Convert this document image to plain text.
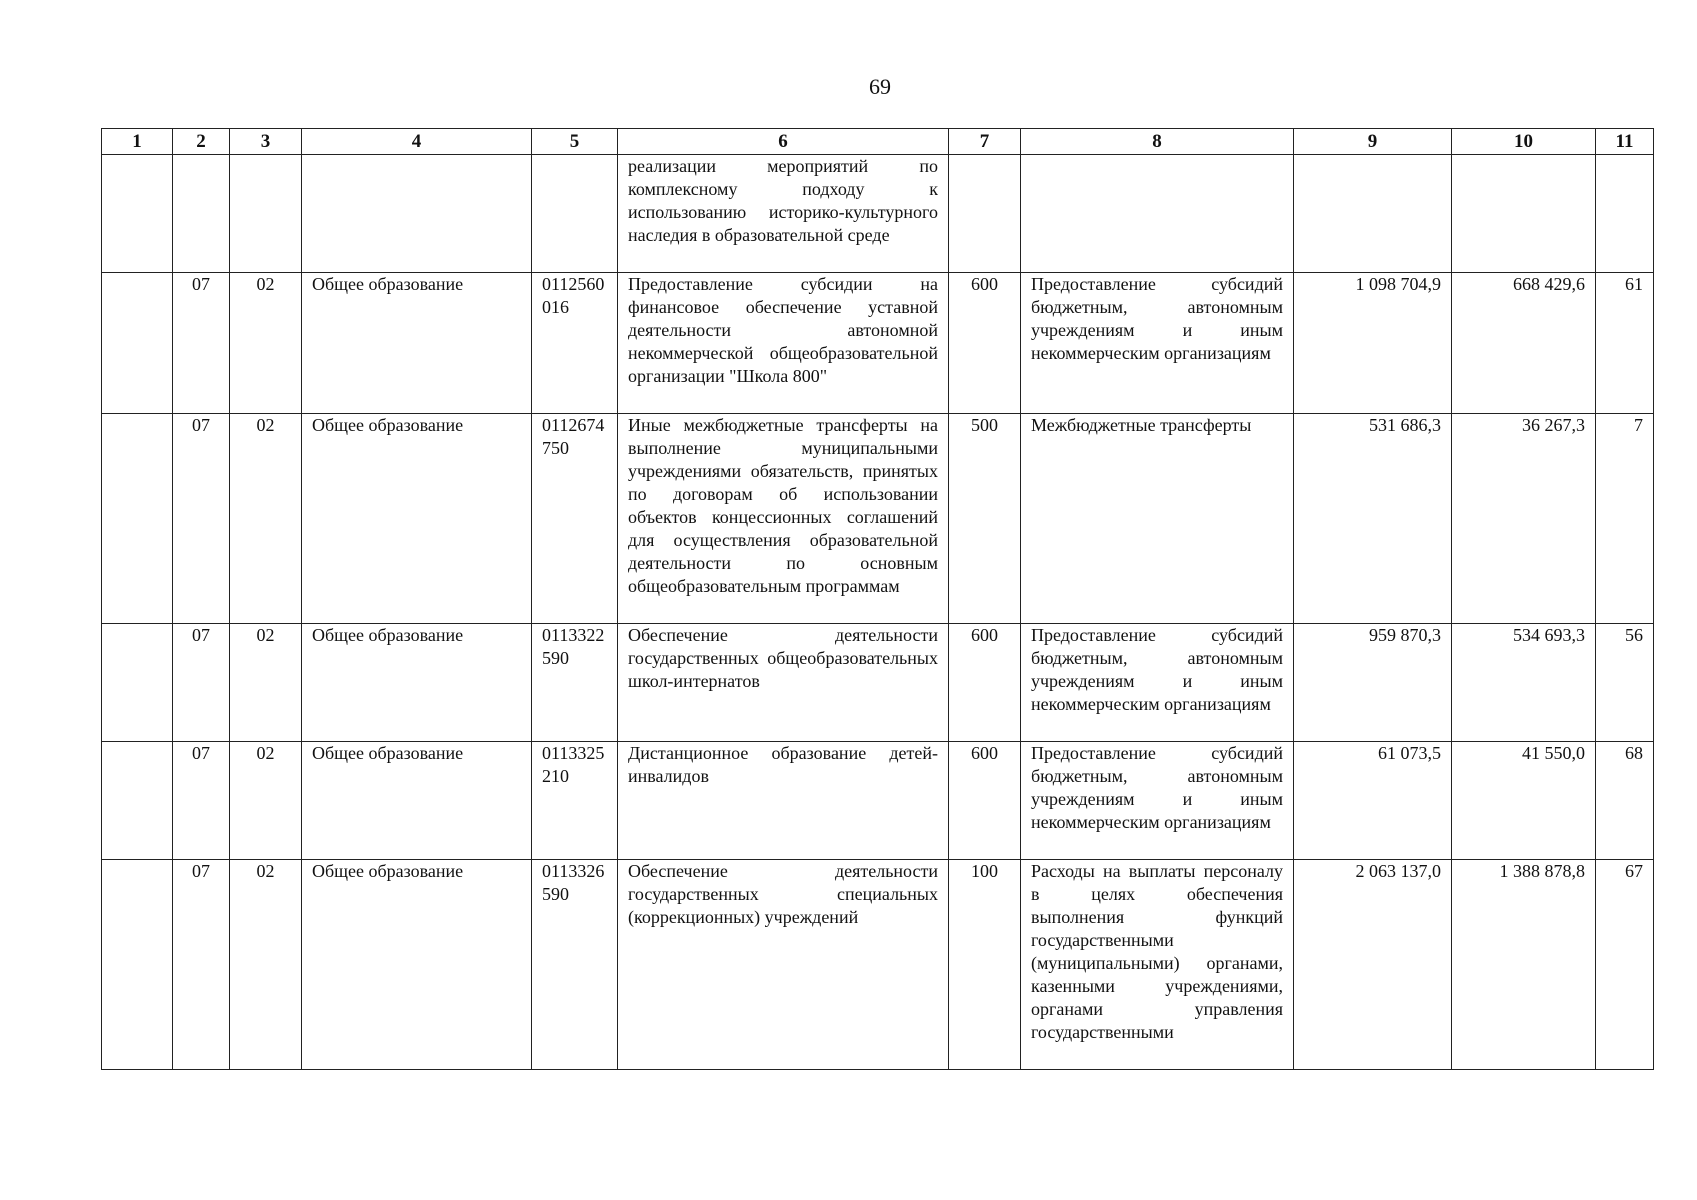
69
1	2	3	4	5	6	7	8	9	10	11
					реализации мероприятий по комплексному подходу к использованию историко-культурного наследия в образовательной среде					
	07	02	Общее образование	0112560016	Предоставление субсидии на финансовое обеспечение уставной деятельности автономной некоммерческой общеобразовательной организации "Школа 800"	600	Предоставление субсидий бюджетным, автономным учреждениям и иным некоммерческим организациям	1 098 704,9	668 429,6	61
	07	02	Общее образование	0112674750	Иные межбюджетные трансферты на выполнение муниципальными учреждениями обязательств, принятых по договорам об использовании объектов концессионных соглашений для осуществления образовательной деятельности по основным общеобразовательным программам	500	Межбюджетные трансферты	531 686,3	36 267,3	7
	07	02	Общее образование	0113322590	Обеспечение деятельности государственных общеобразовательных школ-интернатов	600	Предоставление субсидий бюджетным, автономным учреждениям и иным некоммерческим организациям	959 870,3	534 693,3	56
	07	02	Общее образование	0113325210	Дистанционное образование детей-инвалидов	600	Предоставление субсидий бюджетным, автономным учреждениям и иным некоммерческим организациям	61 073,5	41 550,0	68
	07	02	Общее образование	0113326590	Обеспечение деятельности государственных специальных (коррекционных) учреждений	100	Расходы на выплаты персоналу в целях обеспечения выполнения функций государственными (муниципальными) органами, казенными учреждениями, органами управления государственными	2 063 137,0	1 388 878,8	67
